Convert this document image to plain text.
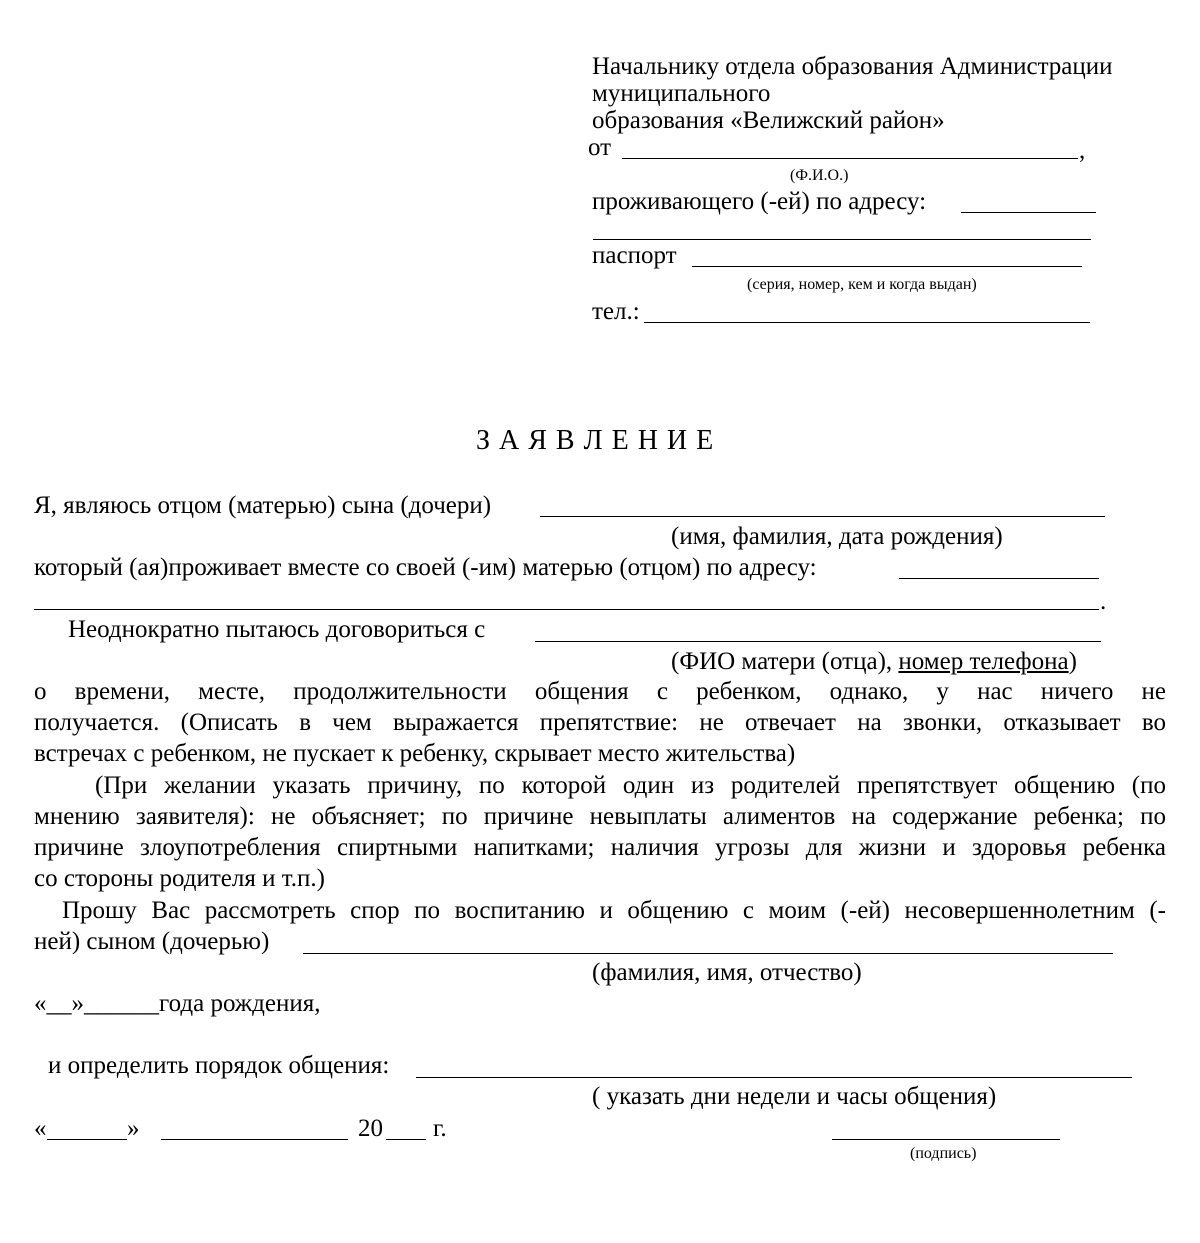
Начальнику отдела образования Администрации
муниципального
образования «Велижский район»
от	,
(Ф.И.О.)
проживающего (-ей) по адресу:
паспорт
(серия, номер, кем и когда выдан)
тел.:
З А Я В Л Е Н И Е
Я, являюсь отцом (матерью) сына (дочери)
(имя, фамилия, дата рождения)
который (ая)проживает вместе со своей (-им) матерью (отцом) по адресу:
.
Неоднократно пытаюсь договориться с
(ФИО матери (отца), номер телефона)
о времени, месте, продолжительности общения с ребенком, однако, у нас ничего не
получается. (Описать в чем выражается препятствие: не отвечает на звонки, отказывает во
встречах с ребенком, не пускает к ребенку, скрывает место жительства)
(При желании указать причину, по которой один из родителей препятствует общению (по
мнению заявителя): не объясняет; по причине невыплаты алиментов на содержание ребенка; по
причине злоупотребления спиртными напитками; наличия угрозы для жизни и здоровья ребенка
со стороны родителя и т.п.)
Прошу Вас рассмотреть спор по воспитанию и общению с моим (-ей) несовершеннолетним (-
ней) сыном (дочерью)
(фамилия, имя, отчество)
«__»______года рождения,
и определить порядок общения:
( указать дни недели и часы общения)
«	»	20 г.
(подпись)
